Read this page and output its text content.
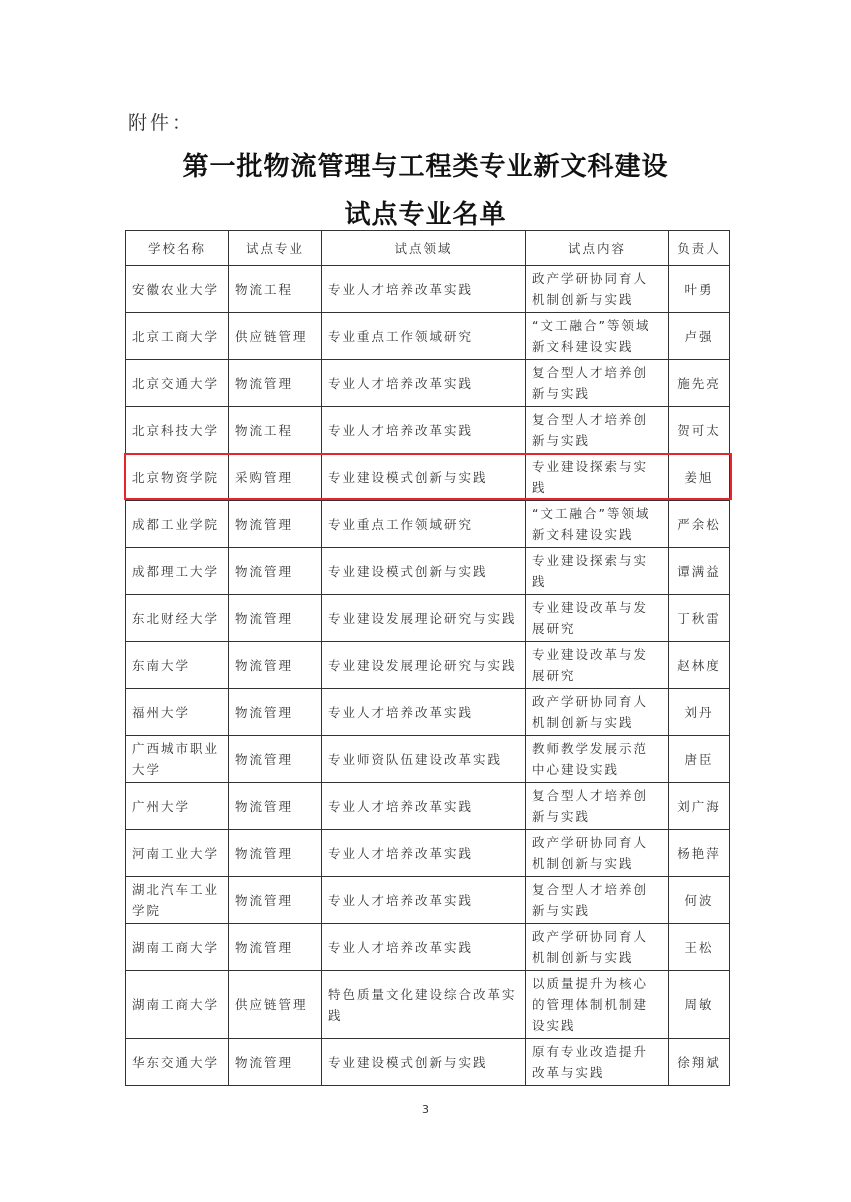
附件：
第一批物流管理与工程类专业新文科建设
试点专业名单
学校名称	试点专业	试点领域	试点内容	负责人
安徽农业大学	物流工程	专业人才培养改革实践	政产学研协同育人机制创新与实践	叶勇
北京工商大学	供应链管理	专业重点工作领域研究	“文工融合”等领域新文科建设实践	卢强
北京交通大学	物流管理	专业人才培养改革实践	复合型人才培养创新与实践	施先亮
北京科技大学	物流工程	专业人才培养改革实践	复合型人才培养创新与实践	贺可太
北京物资学院	采购管理	专业建设模式创新与实践	专业建设探索与实践	姜旭
成都工业学院	物流管理	专业重点工作领域研究	“文工融合”等领域新文科建设实践	严余松
成都理工大学	物流管理	专业建设模式创新与实践	专业建设探索与实践	谭满益
东北财经大学	物流管理	专业建设发展理论研究与实践	专业建设改革与发展研究	丁秋雷
东南大学	物流管理	专业建设发展理论研究与实践	专业建设改革与发展研究	赵林度
福州大学	物流管理	专业人才培养改革实践	政产学研协同育人机制创新与实践	刘丹
广西城市职业大学	物流管理	专业师资队伍建设改革实践	教师教学发展示范中心建设实践	唐臣
广州大学	物流管理	专业人才培养改革实践	复合型人才培养创新与实践	刘广海
河南工业大学	物流管理	专业人才培养改革实践	政产学研协同育人机制创新与实践	杨艳萍
湖北汽车工业学院	物流管理	专业人才培养改革实践	复合型人才培养创新与实践	何波
湖南工商大学	物流管理	专业人才培养改革实践	政产学研协同育人机制创新与实践	王松
湖南工商大学	供应链管理	特色质量文化建设综合改革实践	以质量提升为核心的管理体制机制建设实践	周敏
华东交通大学	物流管理	专业建设模式创新与实践	原有专业改造提升改革与实践	徐翔斌
3
